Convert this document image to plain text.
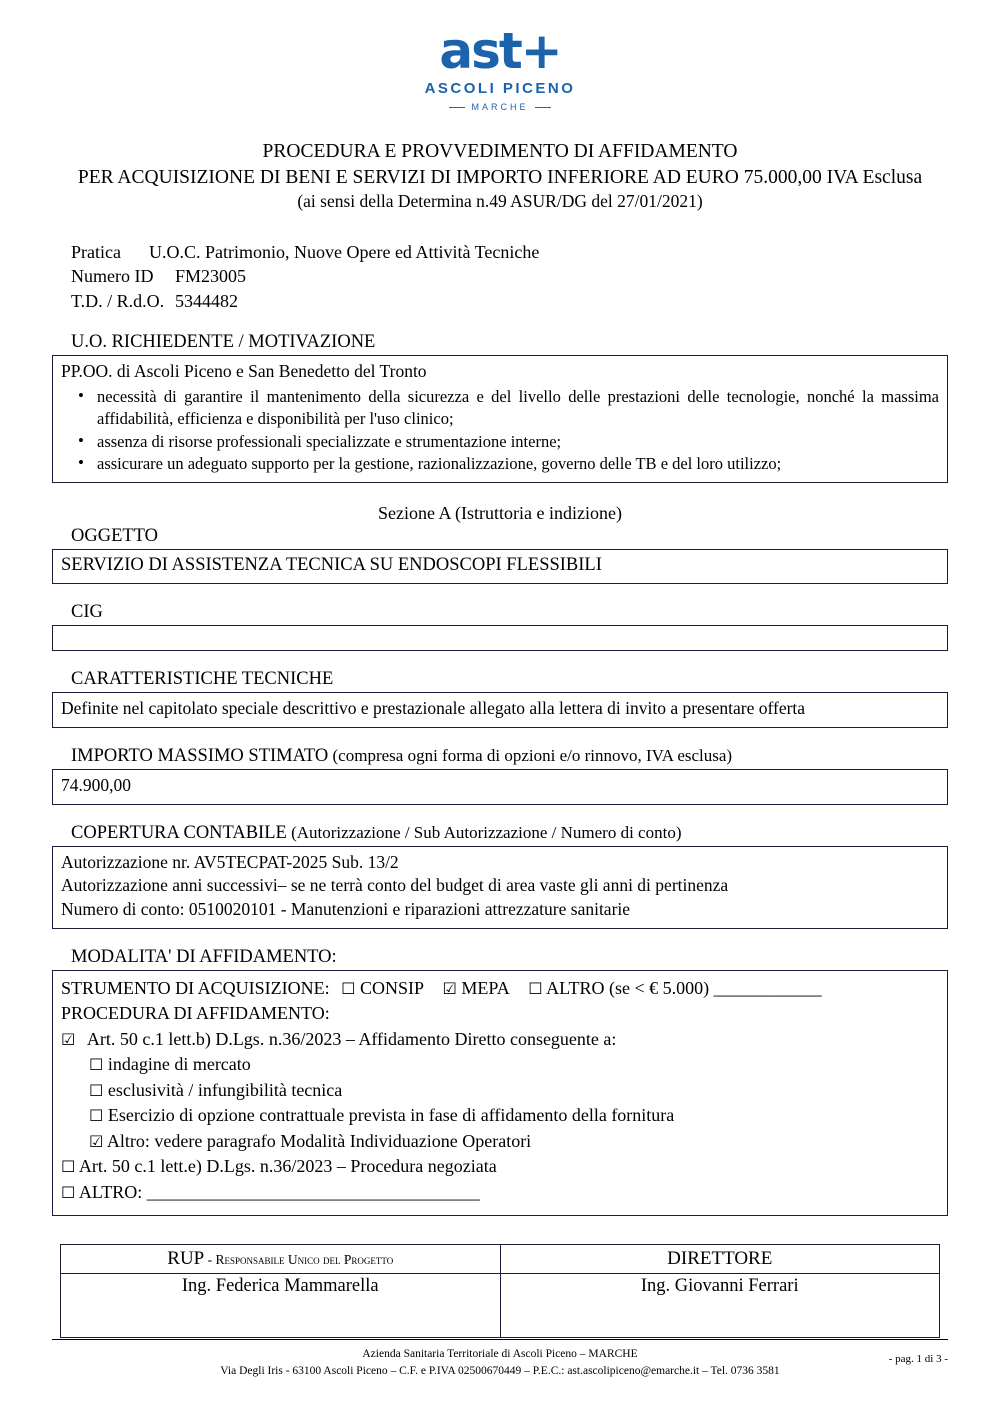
ast+
ASCOLI PICENO
MARCHE
PROCEDURA E PROVVEDIMENTO DI AFFIDAMENTO
PER ACQUISIZIONE DI BENI E SERVIZI DI IMPORTO INFERIORE AD EURO 75.000,00 IVA Esclusa
(ai sensi della Determina n.49 ASUR/DG del 27/01/2021)
Pratica U.O.C. Patrimonio, Nuove Opere ed Attività Tecniche
Numero ID FM23005
T.D. / R.d.O. 5344482
U.O. RICHIEDENTE / MOTIVAZIONE
PP.OO. di Ascoli Piceno e San Benedetto del Tronto
• necessità di garantire il mantenimento della sicurezza e del livello delle prestazioni delle tecnologie, nonché la massima affidabilità, efficienza e disponibilità per l'uso clinico;
• assenza di risorse professionali specializzate e strumentazione interne;
• assicurare un adeguato supporto per la gestione, razionalizzazione, governo delle TB e del loro utilizzo;
Sezione A (Istruttoria e indizione)
OGGETTO
SERVIZIO DI ASSISTENZA TECNICA SU ENDOSCOPI FLESSIBILI
CIG
CARATTERISTICHE TECNICHE
Definite nel capitolato speciale descrittivo e prestazionale allegato alla lettera di invito a presentare offerta
IMPORTO MASSIMO STIMATO (compresa ogni forma di opzioni e/o rinnovo, IVA esclusa)
74.900,00
COPERTURA CONTABILE (Autorizzazione / Sub Autorizzazione / Numero di conto)
Autorizzazione nr. AV5TECPAT-2025 Sub. 13/2
Autorizzazione anni successivi– se ne terrà conto del budget di area vaste gli anni di pertinenza
Numero di conto: 0510020101 - Manutenzioni e riparazioni attrezzature sanitarie
MODALITA' DI AFFIDAMENTO:
STRUMENTO DI ACQUISIZIONE: ☐ CONSIP ☑ MEPA ☐ ALTRO (se < € 5.000) ____________
PROCEDURA DI AFFIDAMENTO:
☑ Art. 50 c.1 lett.b) D.Lgs. n.36/2023 – Affidamento Diretto conseguente a:
☐ indagine di mercato
☐ esclusività / infungibilità tecnica
☐ Esercizio di opzione contrattuale prevista in fase di affidamento della fornitura
☑ Altro: vedere paragrafo Modalità Individuazione Operatori
☐ Art. 50 c.1 lett.e) D.Lgs. n.36/2023 – Procedura negoziata
☐ ALTRO: _____________________________________
RUP - Responsabile Unico del Progetto	DIRETTORE
Ing. Federica Mammarella	Ing. Giovanni Ferrari
Azienda Sanitaria Territoriale di Ascoli Piceno – MARCHE
Via Degli Iris - 63100 Ascoli Piceno – C.F. e P.IVA 02500670449 – P.E.C.: ast.ascolipiceno@emarche.it – Tel. 0736 3581
- pag. 1 di 3 -
